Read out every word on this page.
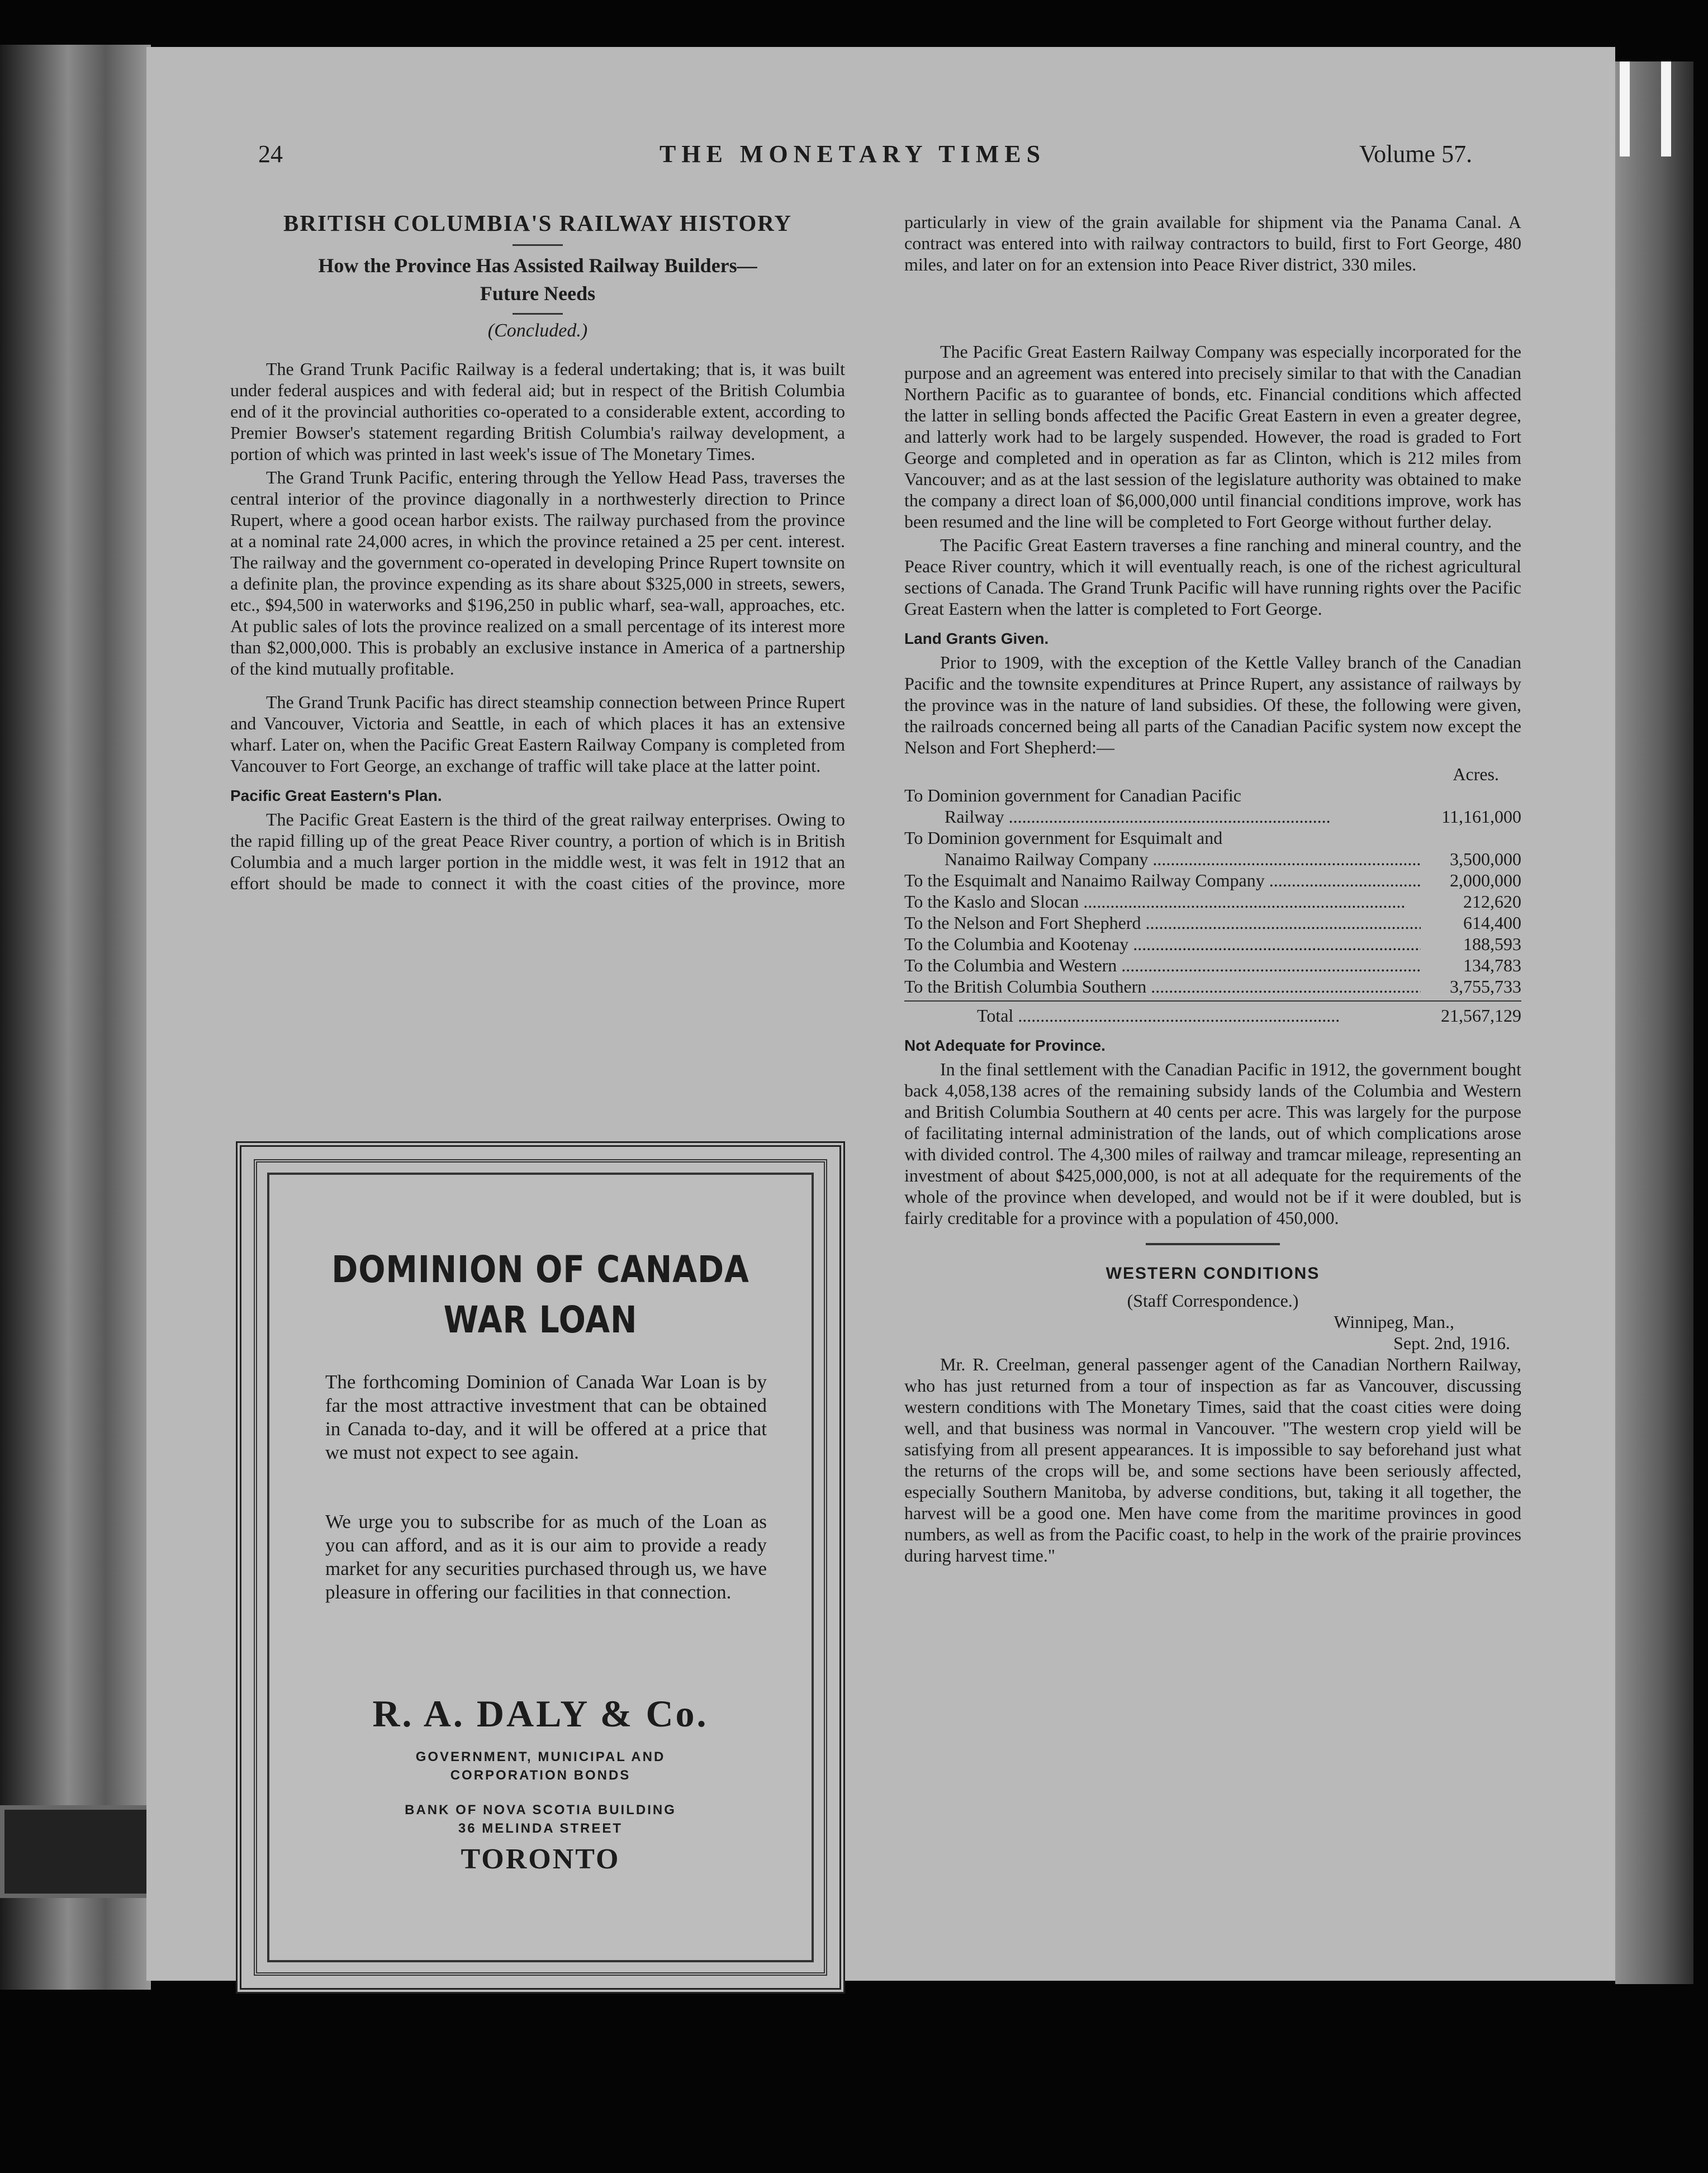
24	THE MONETARY TIMES	Volume 57.
BRITISH COLUMBIA'S RAILWAY HISTORY
How the Province Has Assisted Railway Builders—
Future Needs
(Concluded.)

The Grand Trunk Pacific Railway is a federal undertaking; that is, it was built under federal auspices and with federal aid; but in respect of the British Columbia end of it the provincial authorities co-operated to a considerable extent, according to Premier Bowser's statement regarding British Columbia's railway development, a portion of which was printed in last week's issue of The Monetary Times.

The Grand Trunk Pacific, entering through the Yellow Head Pass, traverses the central interior of the province diagonally in a northwesterly direction to Prince Rupert, where a good ocean harbor exists. The railway purchased from the province at a nominal rate 24,000 acres, in which the province retained a 25 per cent. interest. The railway and the government co-operated in developing Prince Rupert townsite on a definite plan, the province expending as its share about $325,000 in streets, sewers, etc., $94,500 in waterworks and $196,250 in public wharf, sea-wall, approaches, etc. At public sales of lots the province realized on a small percentage of its interest more than $2,000,000. This is probably an exclusive instance in America of a partnership of the kind mutually profitable.

The Grand Trunk Pacific has direct steamship connection between Prince Rupert and Vancouver, Victoria and Seattle, in each of which places it has an extensive wharf. Later on, when the Pacific Great Eastern Railway Company is completed from Vancouver to Fort George, an exchange of traffic will take place at the latter point.

Pacific Great Eastern's Plan.

The Pacific Great Eastern is the third of the great railway enterprises. Owing to the rapid filling up of the great Peace River country, a portion of which is in British Columbia and a much larger portion in the middle west, it was felt in 1912 that an effort should be made to connect it with the coast cities of the province, more

particularly in view of the grain available for shipment via the Panama Canal. A contract was entered into with railway contractors to build, first to Fort George, 480 miles, and later on for an extension into Peace River district, 330 miles.

The Pacific Great Eastern Railway Company was especially incorporated for the purpose and an agreement was entered into precisely similar to that with the Canadian Northern Pacific as to guarantee of bonds, etc. Financial conditions which affected the latter in selling bonds affected the Pacific Great Eastern in even a greater degree, and latterly work had to be largely suspended. However, the road is graded to Fort George and completed and in operation as far as Clinton, which is 212 miles from Vancouver; and as at the last session of the legislature authority was obtained to make the company a direct loan of $6,000,000 until financial conditions improve, work has been resumed and the line will be completed to Fort George without further delay.

The Pacific Great Eastern traverses a fine ranching and mineral country, and the Peace River country, which it will eventually reach, is one of the richest agricultural sections of Canada. The Grand Trunk Pacific will have running rights over the Pacific Great Eastern when the latter is completed to Fort George.

Land Grants Given.

Prior to 1909, with the exception of the Kettle Valley branch of the Canadian Pacific and the townsite expenditures at Prince Rupert, any assistance of railways by the province was in the nature of land subsidies. Of these, the following were given, the railroads concerned being all parts of the Canadian Pacific system now except the Nelson and Fort Shepherd:—

Acres.
To Dominion government for Canadian Pacific
Railway .....	11,161,000
To Dominion government for Esquimalt and
Nanaimo Railway Company .....	3,500,000
To the Esquimalt and Nanaimo Railway Company .....	2,000,000
To the Kaslo and Slocan .....	212,620
To the Nelson and Fort Shepherd .....	614,400
To the Columbia and Kootenay .....	188,593
To the Columbia and Western .....	134,783
To the British Columbia Southern .....	3,755,733
Total .....	21,567,129
Not Adequate for Province.

In the final settlement with the Canadian Pacific in 1912, the government bought back 4,058,138 acres of the remaining subsidy lands of the Columbia and Western and British Columbia Southern at 40 cents per acre. This was largely for the purpose of facilitating internal administration of the lands, out of which complications arose with divided control. The 4,300 miles of railway and tramcar mileage, representing an investment of about $425,000,000, is not at all adequate for the requirements of the whole of the province when developed, and would not be if it were doubled, but is fairly creditable for a province with a population of 450,000.

WESTERN CONDITIONS
(Staff Correspondence.)
Winnipeg, Man.,
Sept. 2nd, 1916.

Mr. R. Creelman, general passenger agent of the Canadian Northern Railway, who has just returned from a tour of inspection as far as Vancouver, discussing western conditions with The Monetary Times, said that the coast cities were doing well, and that business was normal in Vancouver. "The western crop yield will be satisfying from all present appearances. It is impossible to say beforehand just what the returns of the crops will be, and some sections have been seriously affected, especially Southern Manitoba, by adverse conditions, but, taking it all together, the harvest will be a good one. Men have come from the maritime provinces in good numbers, as well as from the Pacific coast, to help in the work of the prairie provinces during harvest time."

DOMINION OF CANADA
WAR LOAN
The forthcoming Dominion of Canada War Loan is by far the most attractive investment that can be obtained in Canada to-day, and it will be offered at a price that we must not expect to see again.
We urge you to subscribe for as much of the Loan as you can afford, and as it is our aim to provide a ready market for any securities purchased through us, we have pleasure in offering our facilities in that connection.
R. A. DALY & Co.
GOVERNMENT, MUNICIPAL AND
CORPORATION BONDS
BANK OF NOVA SCOTIA BUILDING
36 MELINDA STREET
TORONTO
